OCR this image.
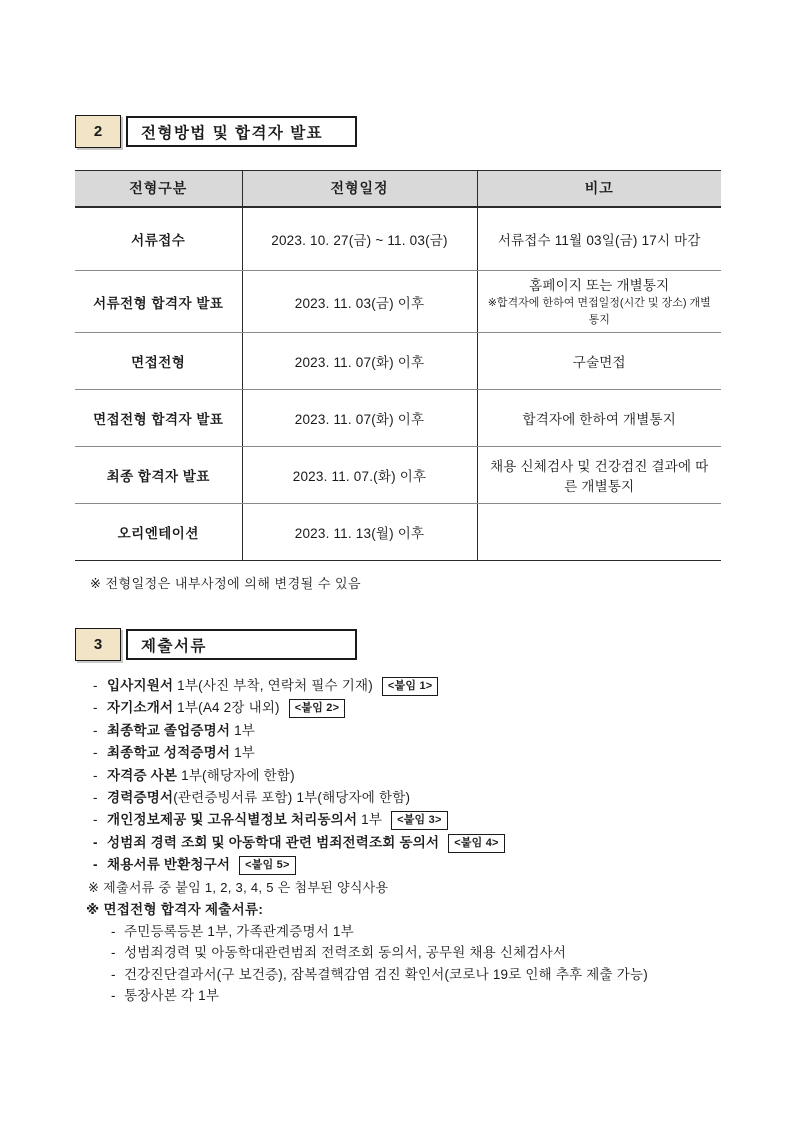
2	전형방법 및 합격자 발표
전형구분	전형일정	비고
서류접수	2023. 10. 27(금) ~ 11. 03(금)	서류접수 11월 03일(금) 17시 마감

서류전형 합격자 발표	2023. 11. 03(금) 이후	홈페이지 또는 개별통지
※합격자에 한하여 면접일정(시간 및 장소) 개별통지

면접전형	2023. 11. 07(화) 이후	구술면접

면접전형 합격자 발표	2023. 11. 07(화) 이후	합격자에 한하여 개별통지

최종 합격자 발표	2023. 11. 07.(화) 이후	채용 신체검사 및 건강검진 결과에 따른 개별통지

오리엔테이션	2023. 11. 13(월) 이후	
※ 전형일정은 내부사정에 의해 변경될 수 있음
3	제출서류
- 입사지원서 1부(사진 부착, 연락처 필수 기재) <붙임 1>
- 자기소개서 1부(A4 2장 내외) <붙임 2>
- 최종학교 졸업증명서 1부
- 최종학교 성적증명서 1부
- 자격증 사본 1부(해당자에 한함)
- 경력증명서(관련증빙서류 포함) 1부(해당자에 한함)
- 개인정보제공 및 고유식별정보 처리동의서 1부 <붙임 3>
- 성범죄 경력 조회 및 아동학대 관련 범죄전력조회 동의서 <붙임 4>
- 채용서류 반환청구서 <붙임 5>
※ 제출서류 중 붙임 1, 2, 3, 4, 5 은 첨부된 양식사용
※ 면접전형 합격자 제출서류:
- 주민등록등본 1부, 가족관계증명서 1부
- 성범죄경력 및 아동학대관련범죄 전력조회 동의서, 공무원 채용 신체검사서
- 건강진단결과서(구 보건증), 잠복결핵감염 검진 확인서(코로나 19로 인해 추후 제출 가능)
- 통장사본 각 1부
